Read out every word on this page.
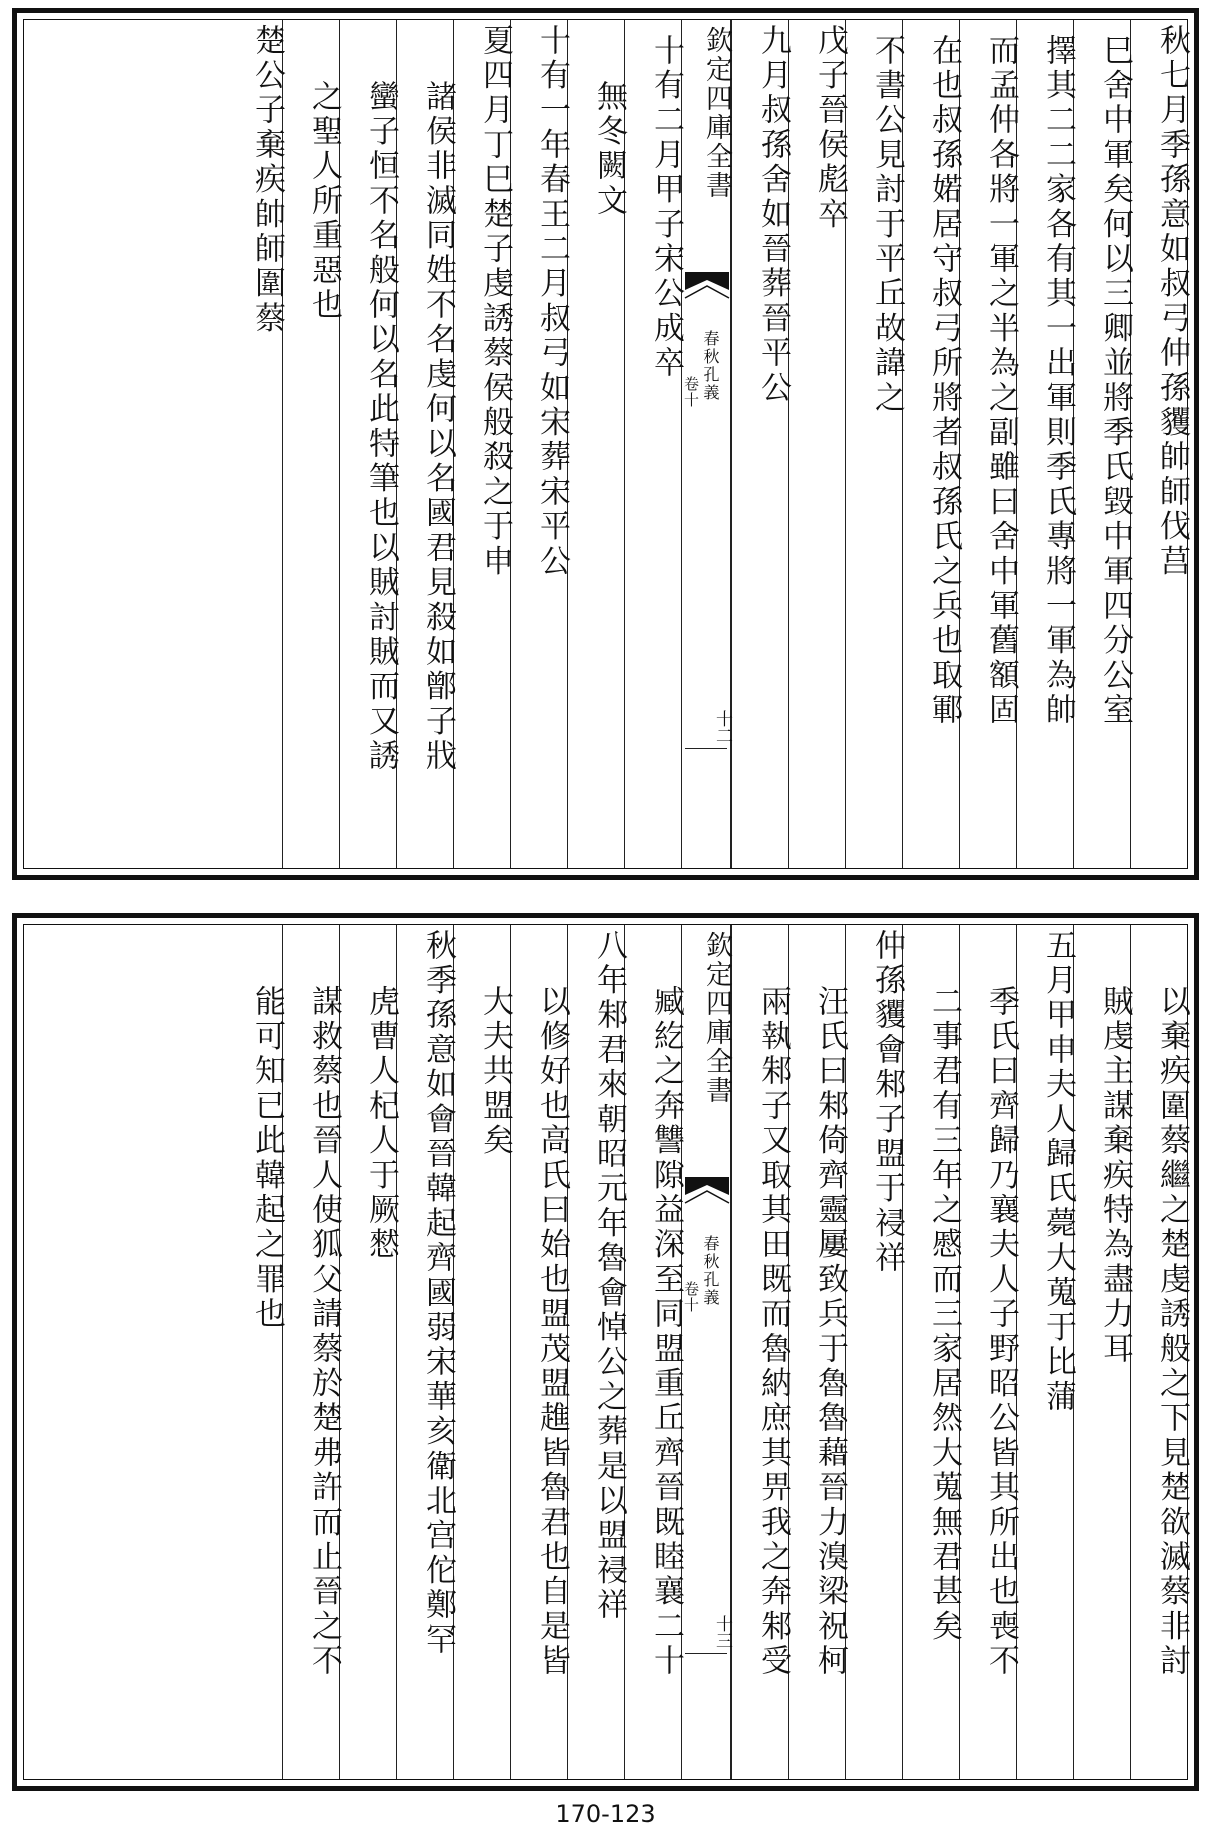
秋七月季孫意如叔弓仲孫貜帥師伐莒
巳舍中軍矣何以三卿並將季氏毀中軍四分公室
擇其二二家各有其一出軍則季氏專將一軍為帥
而孟仲各將一軍之半為之副雖曰舍中軍舊額固
在也叔孫婼居守叔弓所將者叔孫氏之兵也取鄆
不書公見討于平丘故諱之
戊子晉侯彪卒
九月叔孫舍如晉葬晉平公
欽定四庫全書
春秋孔義
卷十
十二
十有二月甲子宋公成卒
無冬闕文
十有一年春王二月叔弓如宋葬宋平公
夏四月丁巳楚子虔誘蔡侯般殺之于申
諸侯非滅同姓不名虔何以名國君見殺如鄫子戕
蠻子恒不名般何以名此特筆也以賊討賊而又誘
之聖人所重惡也
楚公子棄疾帥師圍蔡
以棄疾圍蔡繼之楚虔誘般之下見楚欲滅蔡非討
賊虔主謀棄疾特為盡力耳
五月甲申夫人歸氏薨大蒐于比蒲
季氏曰齊歸乃襄夫人子野昭公皆其所出也喪不
二事君有三年之慼而三家居然大蒐無君甚矣
仲孫貜會邾子盟于祲祥
汪氏曰邾倚齊靈屢致兵于魯魯藉晉力溴梁祝柯
兩執邾子又取其田既而魯納庶其畀我之奔邾受
欽定四庫全書
春秋孔義
卷十
十三
臧紇之奔讐隙益深至同盟重丘齊晉既睦襄二十
八年邾君來朝昭元年魯會悼公之葬是以盟祲祥
以修好也高氏曰始也盟茂盟趡皆魯君也自是皆
大夫共盟矣
秋季孫意如會晉韓起齊國弱宋華亥衛北宫佗鄭罕
虎曹人杞人于厥憖
謀救蔡也晉人使狐父請蔡於楚弗許而止晉之不
能可知已此韓起之罪也
170-123
